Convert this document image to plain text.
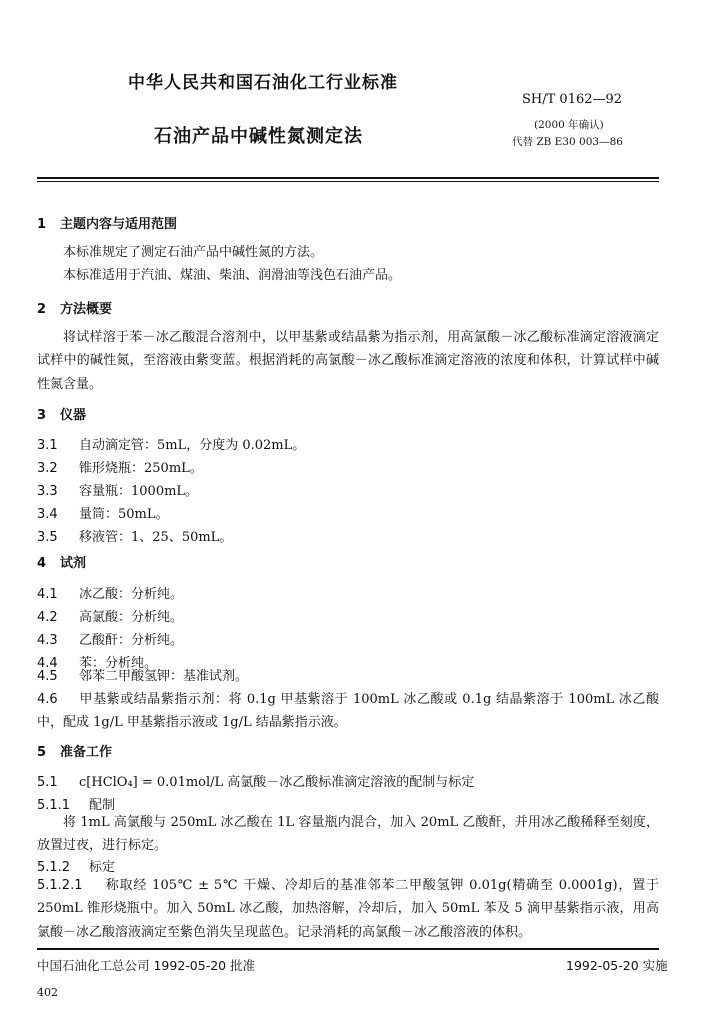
中华人民共和国石油化工行业标准
SH/T 0162—92
石油产品中碱性氮测定法
(2000 年确认)
代替 ZB E30 003—86
1 主题内容与适用范围
本标准规定了测定石油产品中碱性氮的方法。
本标准适用于汽油、煤油、柴油、润滑油等浅色石油产品。
2 方法概要
将试样溶于苯－冰乙酸混合溶剂中，以甲基紫或结晶紫为指示剂，用高氯酸－冰乙酸标准滴定溶液滴定试样中的碱性氮，至溶液由紫变蓝。根据消耗的高氯酸－冰乙酸标准滴定溶液的浓度和体积，计算试样中碱性氮含量。
3 仪器
3.1 自动滴定管：5mL，分度为 0.02mL。
3.2 锥形烧瓶：250mL。
3.3 容量瓶：1000mL。
3.4 量筒：50mL。
3.5 移液管：1、25、50mL。
4 试剂
4.1 冰乙酸：分析纯。
4.2 高氯酸：分析纯。
4.3 乙酸酐：分析纯。
4.4 苯：分析纯。
4.5 邻苯二甲酸氢钾：基准试剂。
4.6 甲基紫或结晶紫指示剂：将 0.1g 甲基紫溶于 100mL 冰乙酸或 0.1g 结晶紫溶于 100mL 冰乙酸中，配成 1g/L 甲基紫指示液或 1g/L 结晶紫指示液。
5 准备工作
5.1 c[HClO₄] = 0.01mol/L 高氯酸－冰乙酸标准滴定溶液的配制与标定
5.1.1 配制
将 1mL 高氯酸与 250mL 冰乙酸在 1L 容量瓶内混合，加入 20mL 乙酸酐，并用冰乙酸稀释至刻度，放置过夜，进行标定。
5.1.2 标定
5.1.2.1 称取经 105℃ ± 5℃ 干燥、冷却后的基准邻苯二甲酸氢钾 0.01g(精确至 0.0001g)，置于 250mL 锥形烧瓶中。加入 50mL 冰乙酸，加热溶解，冷却后，加入 50mL 苯及 5 滴甲基紫指示液，用高氯酸－冰乙酸溶液滴定至紫色消失呈现蓝色。记录消耗的高氯酸－冰乙酸溶液的体积。
中国石油化工总公司 1992-05-20 批准	1992-05-20 实施
402
